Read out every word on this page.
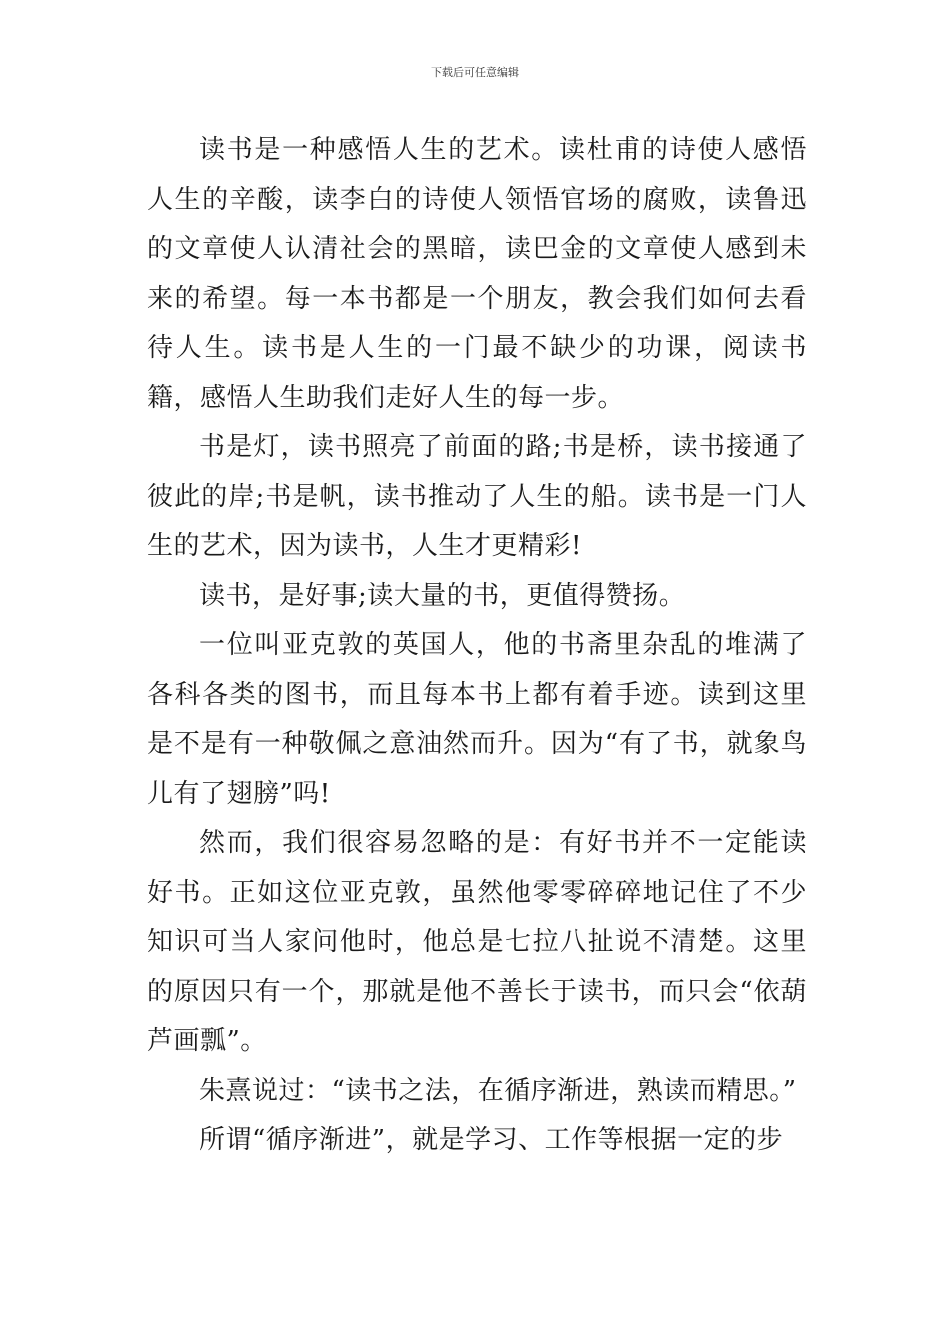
下载后可任意编辑

读书是一种感悟人生的艺术。读杜甫的诗使人感悟人生的辛酸，读李白的诗使人领悟官场的腐败，读鲁迅的文章使人认清社会的黑暗，读巴金的文章使人感到未来的希望。每一本书都是一个朋友，教会我们如何去看待人生。读书是人生的一门最不缺少的功课，阅读书籍，感悟人生助我们走好人生的每一步。

书是灯，读书照亮了前面的路;书是桥，读书接通了彼此的岸;书是帆，读书推动了人生的船。读书是一门人生的艺术，因为读书，人生才更精彩!

读书，是好事;读大量的书，更值得赞扬。

一位叫亚克敦的英国人，他的书斋里杂乱的堆满了各科各类的图书，而且每本书上都有着手迹。读到这里是不是有一种敬佩之意油然而升。因为“有了书，就象鸟儿有了翅膀”吗!

然而，我们很容易忽略的是：有好书并不一定能读好书。正如这位亚克敦，虽然他零零碎碎地记住了不少知识可当人家问他时，他总是七拉八扯说不清楚。这里的原因只有一个，那就是他不善长于读书，而只会“依葫芦画瓢”。

朱熹说过：“读书之法，在循序渐进，熟读而精思。”

所谓“循序渐进”，就是学习、工作等根据一定的步
